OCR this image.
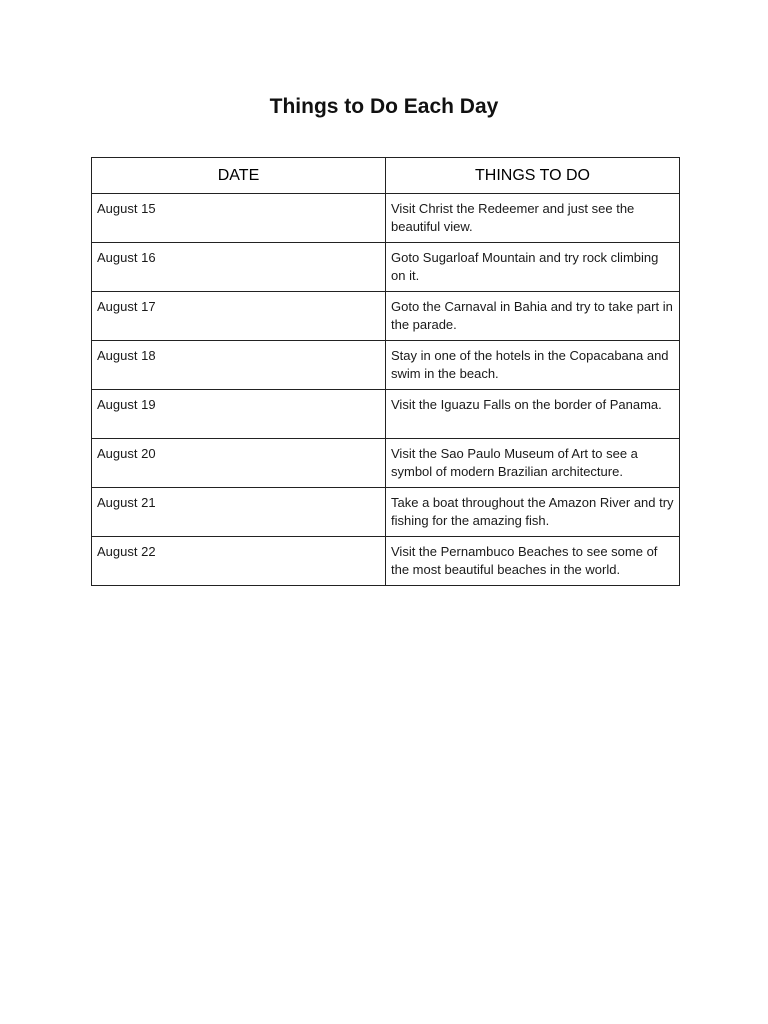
Things to Do Each Day
DATE	THINGS TO DO
August 15	Visit Christ the Redeemer and just see the beautiful view.
August 16	Goto Sugarloaf Mountain and try rock climbing on it.
August 17	Goto the Carnaval in Bahia and try to take part in the parade.
August 18	Stay in one of the hotels in the Copacabana and swim in the beach.
August 19	Visit the Iguazu Falls on the border of Panama.
August 20	Visit the Sao Paulo Museum of Art to see a symbol of modern Brazilian architecture.
August 21	Take a boat throughout the Amazon River and try fishing for the amazing fish.
August 22	Visit the Pernambuco Beaches to see some of the most beautiful beaches in the world.
